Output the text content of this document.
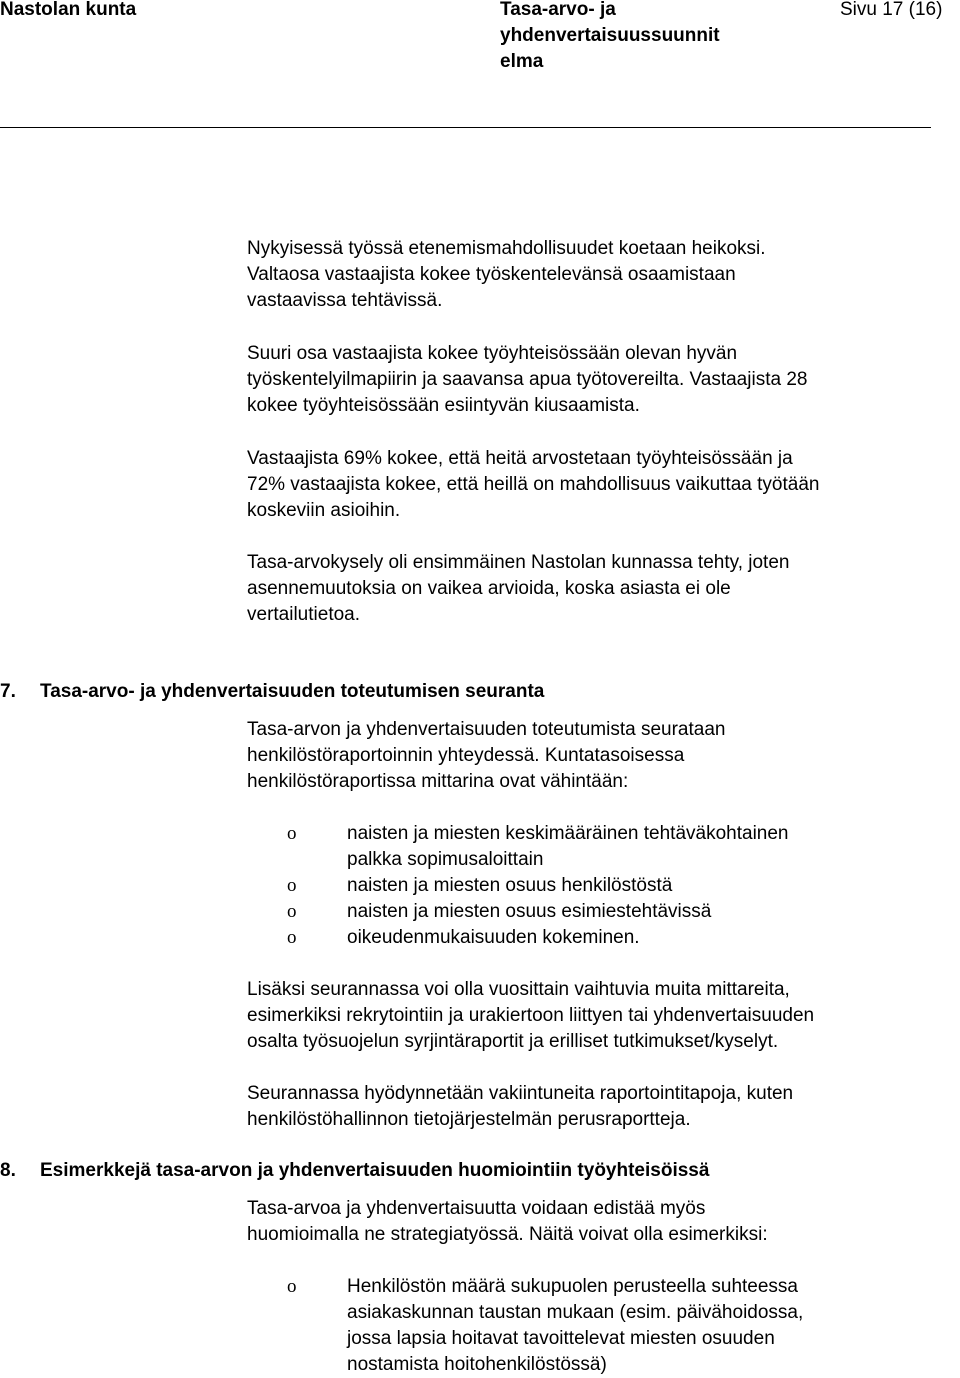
Nastolan kunta	Tasa-arvo- ja
yhdenvertaisuussuunnit
elma
Sivu 17 (16)
Nykyisessä työssä etenemismahdollisuudet koetaan heikoksi.
Valtaosa vastaajista kokee työskentelevänsä osaamistaan
vastaavissa tehtävissä.
Suuri osa vastaajista kokee työyhteisössään olevan hyvän
työskentelyilmapiirin ja saavansa apua työtovereilta. Vastaajista 28
kokee työyhteisössään esiintyvän kiusaamista.
Vastaajista 69% kokee, että heitä arvostetaan työyhteisössään ja
72% vastaajista kokee, että heillä on mahdollisuus vaikuttaa työtään
koskeviin asioihin.
Tasa-arvokysely oli ensimmäinen Nastolan kunnassa tehty, joten
asennemuutoksia on vaikea arvioida, koska asiasta ei ole
vertailutietoa.
7. Tasa-arvo- ja yhdenvertaisuuden toteutumisen seuranta
Tasa-arvon ja yhdenvertaisuuden toteutumista seurataan
henkilöstöraportoinnin yhteydessä. Kuntatasoisessa
henkilöstöraportissa mittarina ovat vähintään:
o	naisten ja miesten keskimääräinen tehtäväkohtainen
palkka sopimusaloittain
o	naisten ja miesten osuus henkilöstöstä
o	naisten ja miesten osuus esimiestehtävissä
o	oikeudenmukaisuuden kokeminen.
Lisäksi seurannassa voi olla vuosittain vaihtuvia muita mittareita,
esimerkiksi rekrytointiin ja urakiertoon liittyen tai yhdenvertaisuuden
osalta työsuojelun syrjintäraportit ja erilliset tutkimukset/kyselyt.
Seurannassa hyödynnetään vakiintuneita raportointitapoja, kuten
henkilöstöhallinnon tietojärjestelmän perusraportteja.
8. Esimerkkejä tasa-arvon ja yhdenvertaisuuden huomiointiin työyhteisöissä
Tasa-arvoa ja yhdenvertaisuutta voidaan edistää myös
huomioimalla ne strategiatyössä. Näitä voivat olla esimerkiksi:
o	Henkilöstön määrä sukupuolen perusteella suhteessa
asiakaskunnan taustan mukaan (esim. päivähoidossa,
jossa lapsia hoitavat tavoittelevat miesten osuuden
nostamista hoitohenkilöstössä)
